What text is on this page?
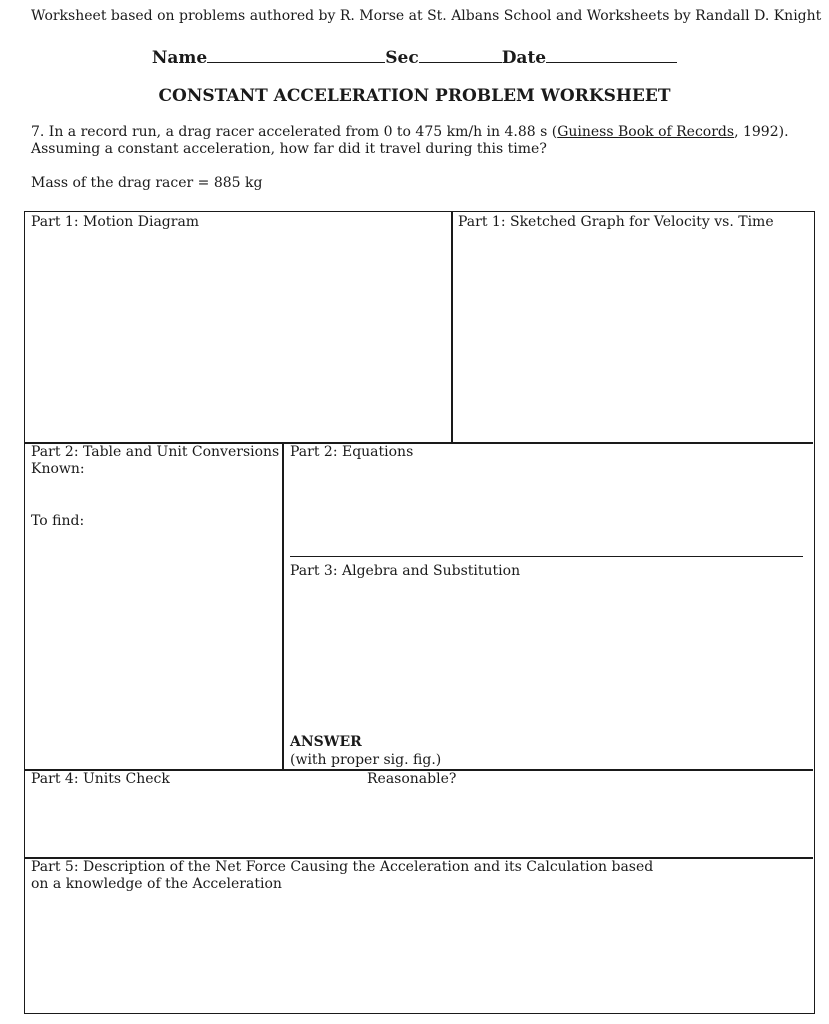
Worksheet based on problems authored by R. Morse at St. Albans School and Worksheets by Randall D. Knight
Name	Sec	Date
CONSTANT ACCELERATION PROBLEM WORKSHEET
7. In a record run, a drag racer accelerated from 0 to 475 km/h in 4.88 s (Guiness Book of Records, 1992).
Assuming a constant acceleration, how far did it travel during this time?
Mass of the drag racer = 885 kg
Part 1: Motion Diagram	Part 1: Sketched Graph for Velocity vs. Time
Part 2: Table and Unit Conversions
Known:
To find:
Part 2: Equations
Part 3: Algebra and Substitution
ANSWER
(with proper sig. fig.)
Part 4: Units Check	Reasonable?
Part 5: Description of the Net Force Causing the Acceleration and its Calculation based
on a knowledge of the Acceleration
